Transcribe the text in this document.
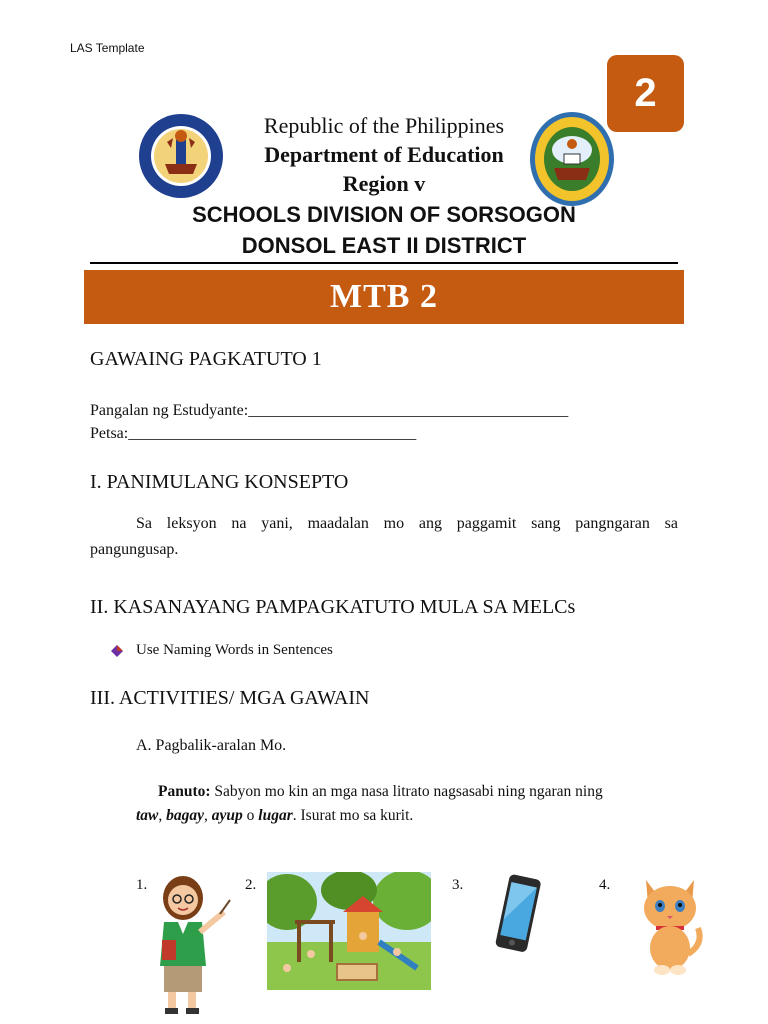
LAS Template
2
Republic of the Philippines
Department of Education
Region v
SCHOOLS DIVISION OF SORSOGON
DONSOL EAST II DISTRICT
MTB 2
GAWAING PAGKATUTO 1
Pangalan ng Estudyante:________________________________________
Petsa:____________________________________
I. PANIMULANG KONSEPTO
Sa leksyon na yani, maadalan mo ang paggamit sang pangngaran sa
pangungusap.
II. KASANAYANG PAMPAGKATUTO MULA SA MELCs
Use Naming Words in Sentences
III. ACTIVITIES/ MGA GAWAIN
A. Pagbalik-aralan Mo.
Panuto: Sabyon mo kin an mga nasa litrato nagsasabi ning ngaran ning
taw, bagay, ayup o lugar. Isurat mo sa kurit.
1.	2.	3.	4.
